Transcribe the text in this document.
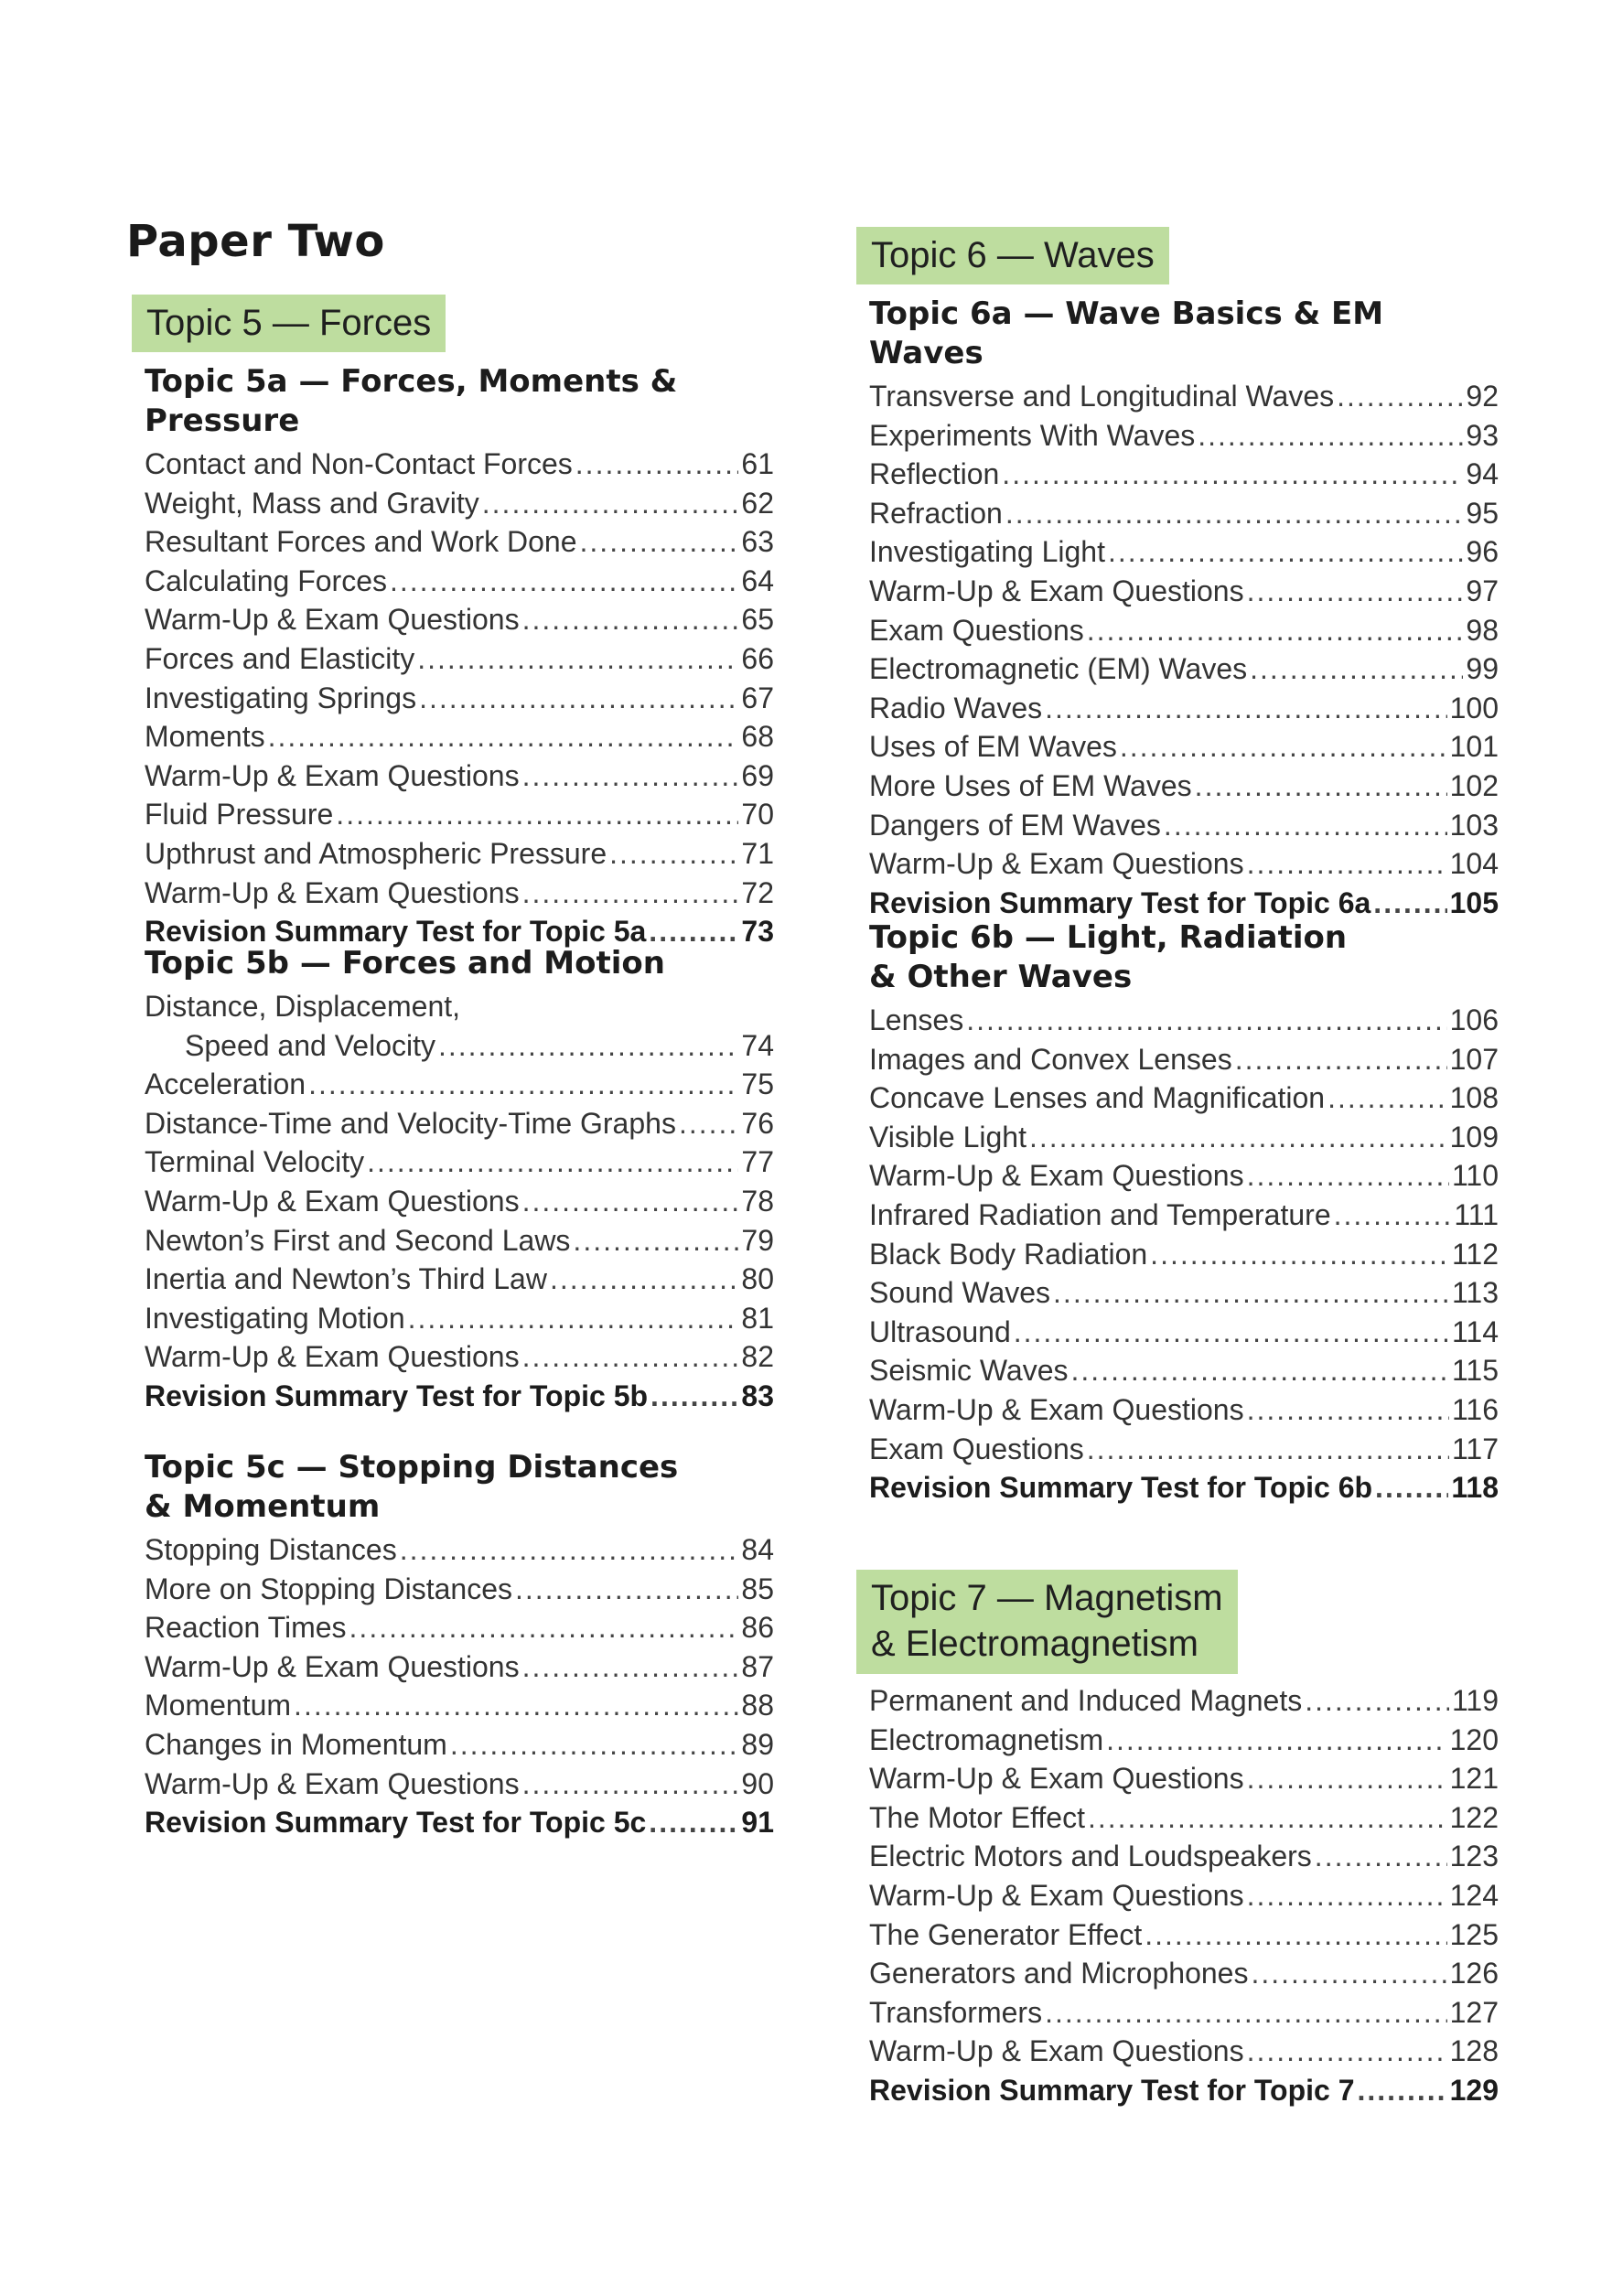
Paper Two
Topic 5 — Forces
Topic 5a — Forces, Moments & Pressure
Contact and Non-Contact Forces .....	61
Weight, Mass and Gravity .....	62
Resultant Forces and Work Done .....	63
Calculating Forces .....	64
Warm-Up & Exam Questions .....	65
Forces and Elasticity .....	66
Investigating Springs .....	67
Moments .....	68
Warm-Up & Exam Questions .....	69
Fluid Pressure .....	70
Upthrust and Atmospheric Pressure .....	71
Warm-Up & Exam Questions .....	72
Revision Summary Test for Topic 5a .....	73
Topic 5b — Forces and Motion
Distance, Displacement,
Speed and Velocity .....	74
Acceleration .....	75
Distance-Time and Velocity-Time Graphs ..... 76
Terminal Velocity .....	77
Warm-Up & Exam Questions .....	78
Newton’s First and Second Laws .....	79
Inertia and Newton’s Third Law .....	80
Investigating Motion .....	81
Warm-Up & Exam Questions .....	82
Revision Summary Test for Topic 5b .....	83
Topic 5c — Stopping Distances
& Momentum
Stopping Distances .....	84
More on Stopping Distances .....	85
Reaction Times .....	86
Warm-Up & Exam Questions .....	87
Momentum .....	88
Changes in Momentum .....	89
Warm-Up & Exam Questions .....	90
Revision Summary Test for Topic 5c .....	91
Topic 6 — Waves
Topic 6a — Wave Basics & EM Waves
Transverse and Longitudinal Waves .....	92
Experiments With Waves .....	93
Reflection .....	94
Refraction .....	95
Investigating Light .....	96
Warm-Up & Exam Questions .....	97
Exam Questions .....	98
Electromagnetic (EM) Waves .....	99
Radio Waves .....	100
Uses of EM Waves .....	101
More Uses of EM Waves .....	102
Dangers of EM Waves .....	103
Warm-Up & Exam Questions .....	104
Revision Summary Test for Topic 6a .....	105
Topic 6b — Light, Radiation
& Other Waves
Lenses .....	106
Images and Convex Lenses .....	107
Concave Lenses and Magnification .....	108
Visible Light .....	109
Warm-Up & Exam Questions .....	110
Infrared Radiation and Temperature .....	111
Black Body Radiation .....	112
Sound Waves .....	113
Ultrasound .....	114
Seismic Waves .....	115
Warm-Up & Exam Questions .....	116
Exam Questions .....	117
Revision Summary Test for Topic 6b .....	118
Topic 7 — Magnetism
& Electromagnetism
Permanent and Induced Magnets .....	119
Electromagnetism .....	120
Warm-Up & Exam Questions .....	121
The Motor Effect .....	122
Electric Motors and Loudspeakers .....	123
Warm-Up & Exam Questions .....	124
The Generator Effect .....	125
Generators and Microphones .....	126
Transformers .....	127
Warm-Up & Exam Questions .....	128
Revision Summary Test for Topic 7 .....	129
